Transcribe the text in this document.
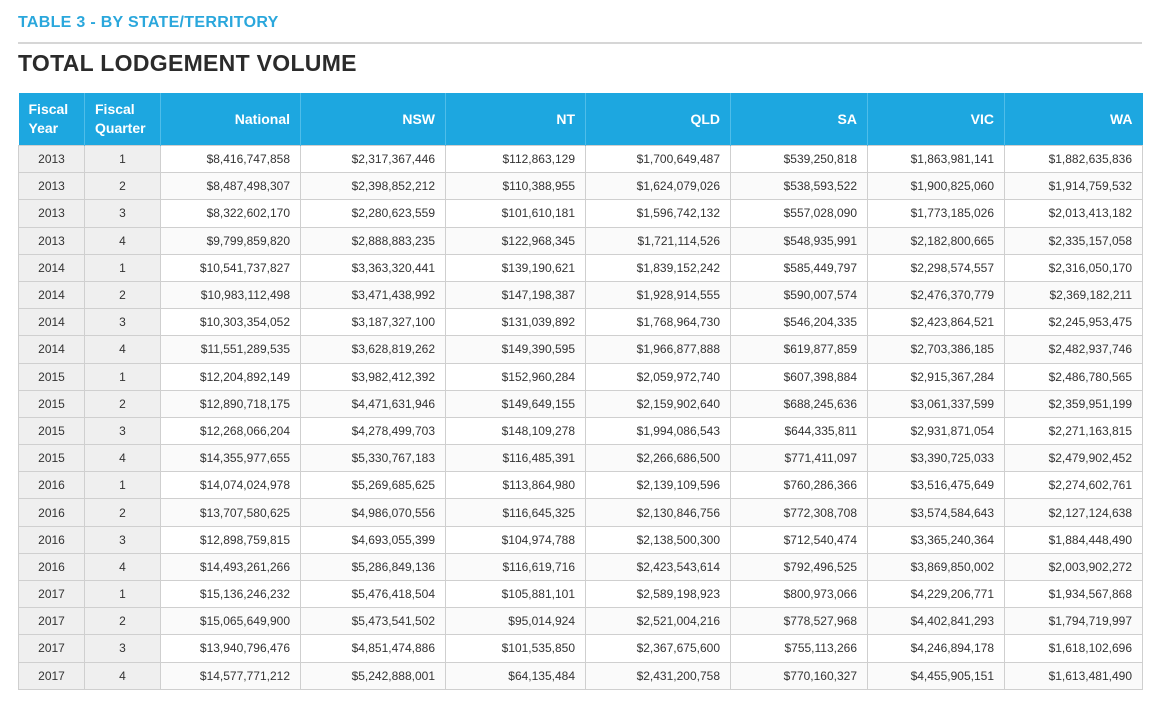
TABLE 3 - BY STATE/TERRITORY
TOTAL LODGEMENT VOLUME
Fiscal Year	Fiscal Quarter	National	NSW	NT	QLD	SA	VIC	WA
2013	1	$8,416,747,858	$2,317,367,446	$112,863,129	$1,700,649,487	$539,250,818	$1,863,981,141	$1,882,635,836
2013	2	$8,487,498,307	$2,398,852,212	$110,388,955	$1,624,079,026	$538,593,522	$1,900,825,060	$1,914,759,532
2013	3	$8,322,602,170	$2,280,623,559	$101,610,181	$1,596,742,132	$557,028,090	$1,773,185,026	$2,013,413,182
2013	4	$9,799,859,820	$2,888,883,235	$122,968,345	$1,721,114,526	$548,935,991	$2,182,800,665	$2,335,157,058
2014	1	$10,541,737,827	$3,363,320,441	$139,190,621	$1,839,152,242	$585,449,797	$2,298,574,557	$2,316,050,170
2014	2	$10,983,112,498	$3,471,438,992	$147,198,387	$1,928,914,555	$590,007,574	$2,476,370,779	$2,369,182,211
2014	3	$10,303,354,052	$3,187,327,100	$131,039,892	$1,768,964,730	$546,204,335	$2,423,864,521	$2,245,953,475
2014	4	$11,551,289,535	$3,628,819,262	$149,390,595	$1,966,877,888	$619,877,859	$2,703,386,185	$2,482,937,746
2015	1	$12,204,892,149	$3,982,412,392	$152,960,284	$2,059,972,740	$607,398,884	$2,915,367,284	$2,486,780,565
2015	2	$12,890,718,175	$4,471,631,946	$149,649,155	$2,159,902,640	$688,245,636	$3,061,337,599	$2,359,951,199
2015	3	$12,268,066,204	$4,278,499,703	$148,109,278	$1,994,086,543	$644,335,811	$2,931,871,054	$2,271,163,815
2015	4	$14,355,977,655	$5,330,767,183	$116,485,391	$2,266,686,500	$771,411,097	$3,390,725,033	$2,479,902,452
2016	1	$14,074,024,978	$5,269,685,625	$113,864,980	$2,139,109,596	$760,286,366	$3,516,475,649	$2,274,602,761
2016	2	$13,707,580,625	$4,986,070,556	$116,645,325	$2,130,846,756	$772,308,708	$3,574,584,643	$2,127,124,638
2016	3	$12,898,759,815	$4,693,055,399	$104,974,788	$2,138,500,300	$712,540,474	$3,365,240,364	$1,884,448,490
2016	4	$14,493,261,266	$5,286,849,136	$116,619,716	$2,423,543,614	$792,496,525	$3,869,850,002	$2,003,902,272
2017	1	$15,136,246,232	$5,476,418,504	$105,881,101	$2,589,198,923	$800,973,066	$4,229,206,771	$1,934,567,868
2017	2	$15,065,649,900	$5,473,541,502	$95,014,924	$2,521,004,216	$778,527,968	$4,402,841,293	$1,794,719,997
2017	3	$13,940,796,476	$4,851,474,886	$101,535,850	$2,367,675,600	$755,113,266	$4,246,894,178	$1,618,102,696
2017	4	$14,577,771,212	$5,242,888,001	$64,135,484	$2,431,200,758	$770,160,327	$4,455,905,151	$1,613,481,490
